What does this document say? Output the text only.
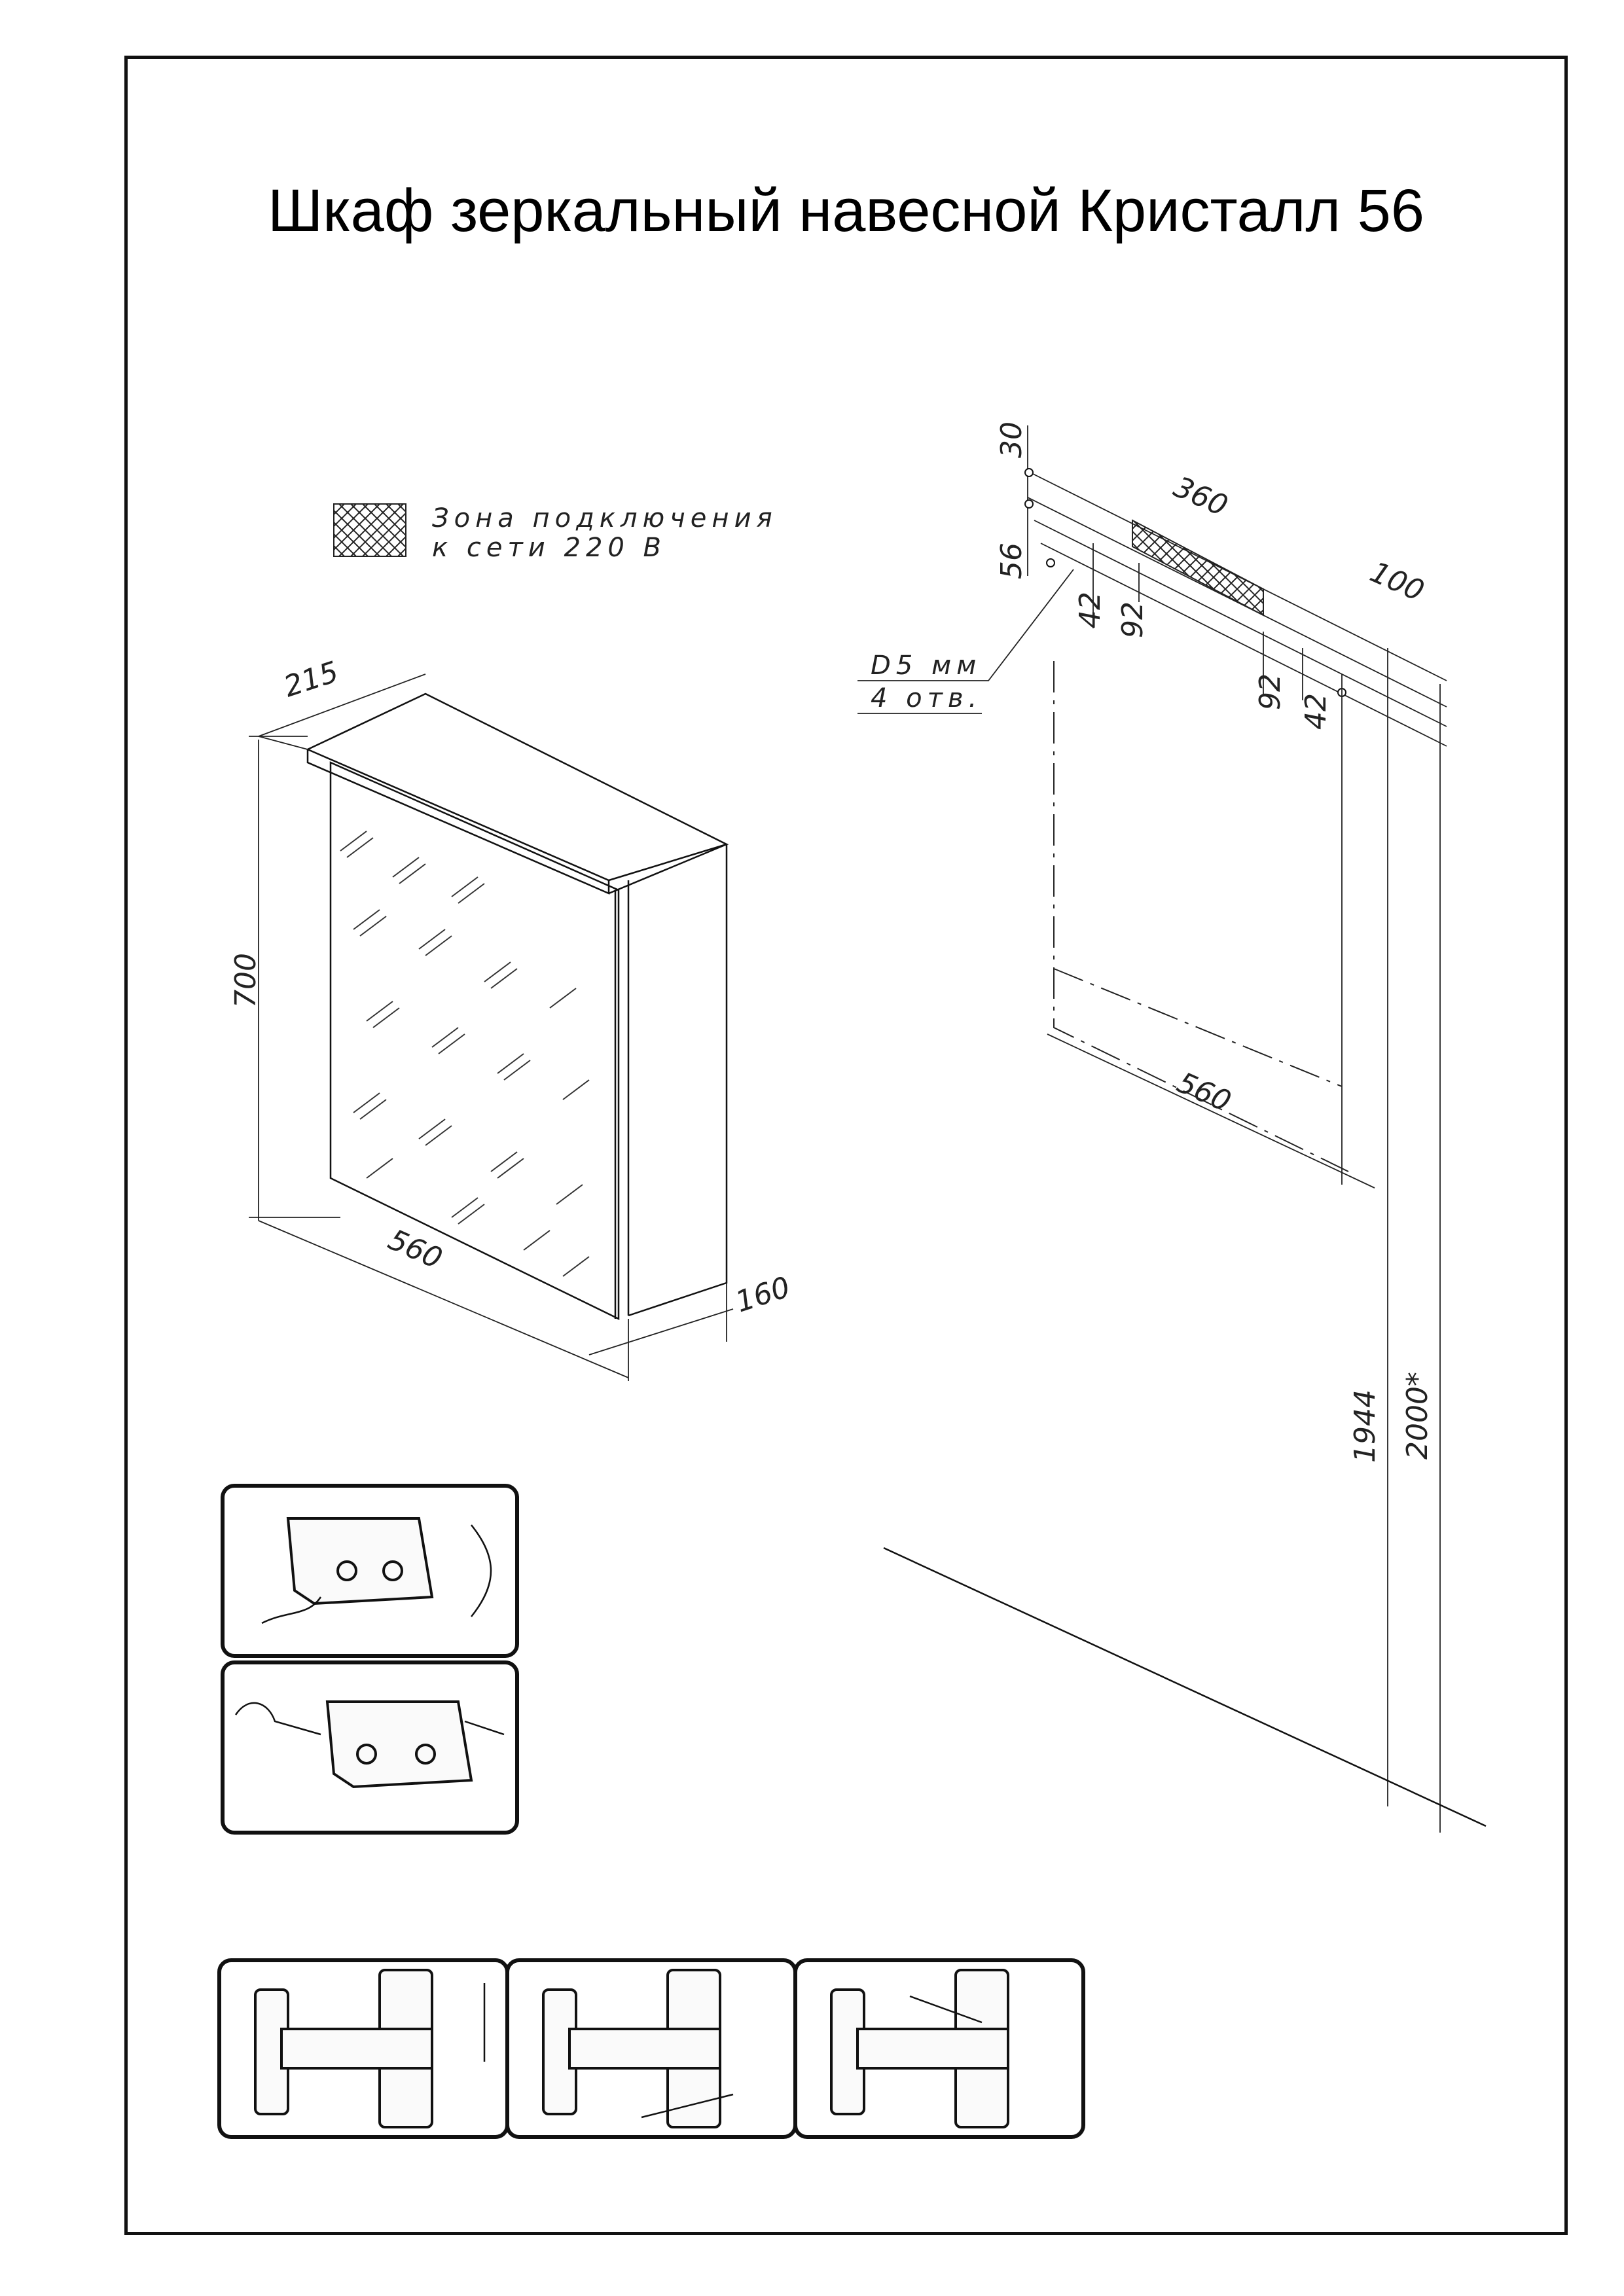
Шкаф зеркальный навесной Кристалл 56
Зона подключения
к сети 220 В
215
700
560
160
30
56
360
100
42 92
92
42
D5 мм
4 отв.
560
1944 2000*
